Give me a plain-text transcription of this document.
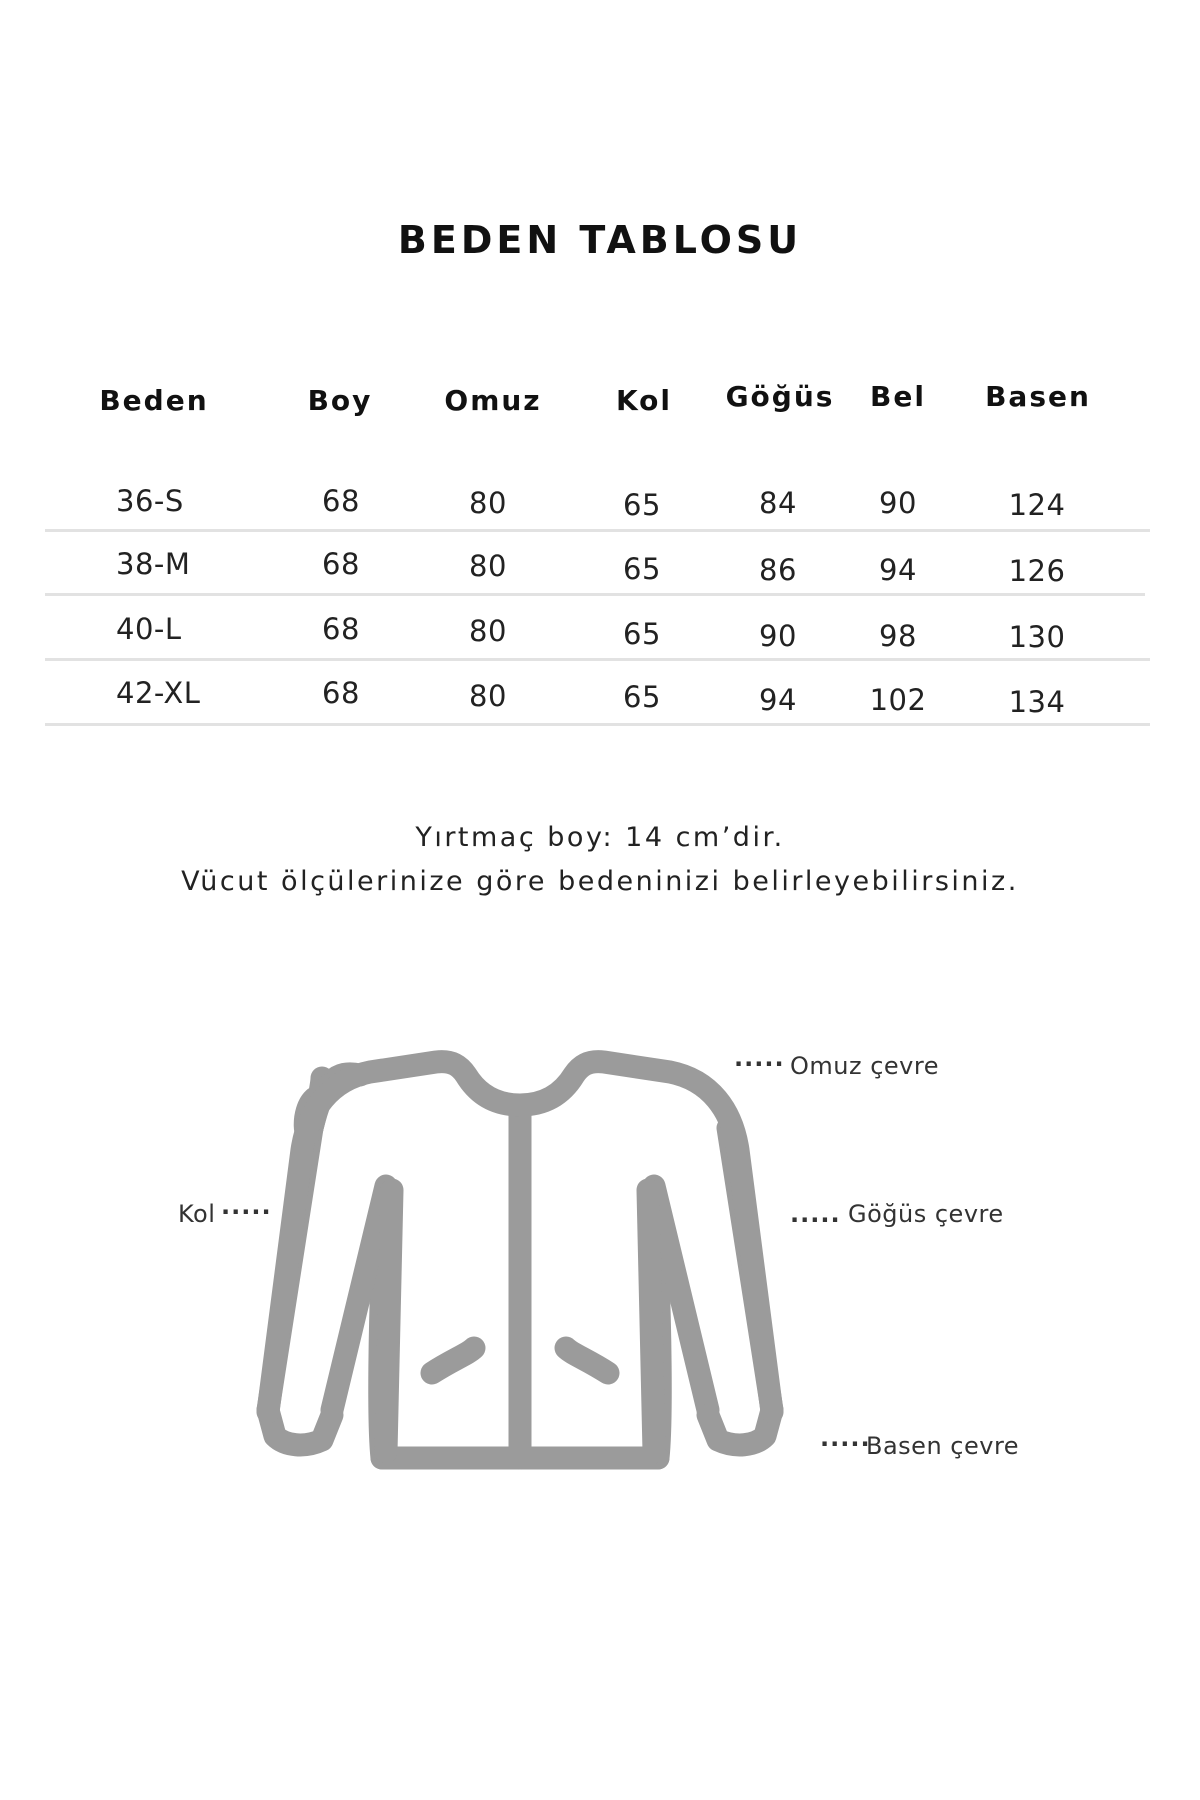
BEDEN TABLOSU
Beden	Boy	Omuz	Kol Göğüs Bel Basen
36-S	68	80	65	84	90	124
38-M	68	80	65	86	94	126
40-L	68	80	65	90	98	130
42-XL	68	80	65	94	102	134
Yırtmaç boy: 14 cm’dir.
Vücut ölçülerinize göre bedeninizi belirleyebilirsiniz.
····· Omuz çevre
Kol ·····	····· Göğüs çevre
·····
Basen çevre
